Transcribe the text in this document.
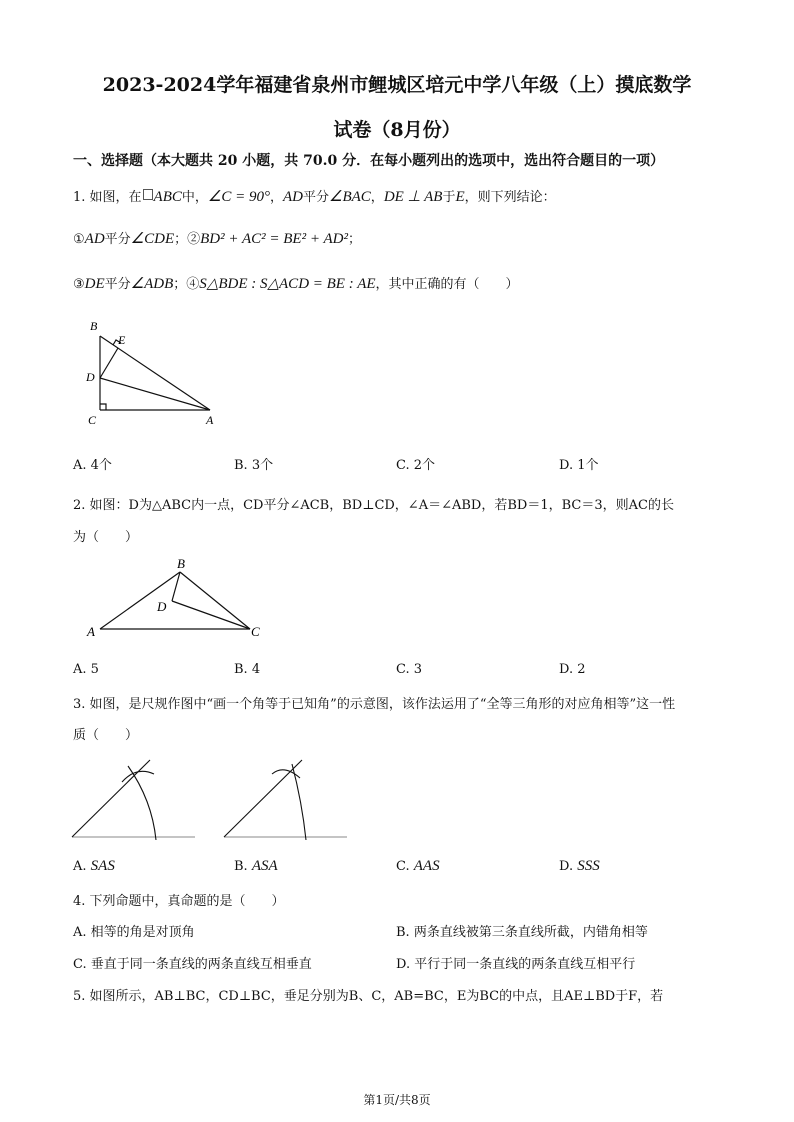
2023-2024学年福建省泉州市鲤城区培元中学八年级（上）摸底数学
试卷（8月份）
一、选择题（本大题共 20 小题，共 70.0 分．在每小题列出的选项中，选出符合题目的一项）
1. 如图，在 ABC中，∠C = 90°，AD平分∠BAC，DE ⊥ AB于E，则下列结论：
①AD平分∠CDE；②BD² + AC² = BE² + AD²；
③DE平分∠ADB；④S△BDE : S△ACD = BE : AE，其中正确的有（　　）
B
E
D
C	A
A. 4个	B. 3个	C. 2个	D. 1个
2. 如图：D为△ABC内一点，CD平分∠ACB，BD⊥CD，∠A＝∠ABD，若BD＝1，BC＝3，则AC的长
为（　　）
B
D
A	C
A. 5	B. 4	C. 3	D. 2
3. 如图，是尺规作图中“画一个角等于已知角”的示意图，该作法运用了“全等三角形的对应角相等”这一性
质（　　）
A. SAS	B. ASA	C. AAS	D. SSS
4. 下列命题中，真命题的是（　　）
A. 相等的角是对顶角	B. 两条直线被第三条直线所截，内错角相等
C. 垂直于同一条直线的两条直线互相垂直	D. 平行于同一条直线的两条直线互相平行
5. 如图所示，AB⊥BC，CD⊥BC，垂足分别为B、C，AB=BC，E为BC的中点，且AE⊥BD于F，若
第1页/共8页
